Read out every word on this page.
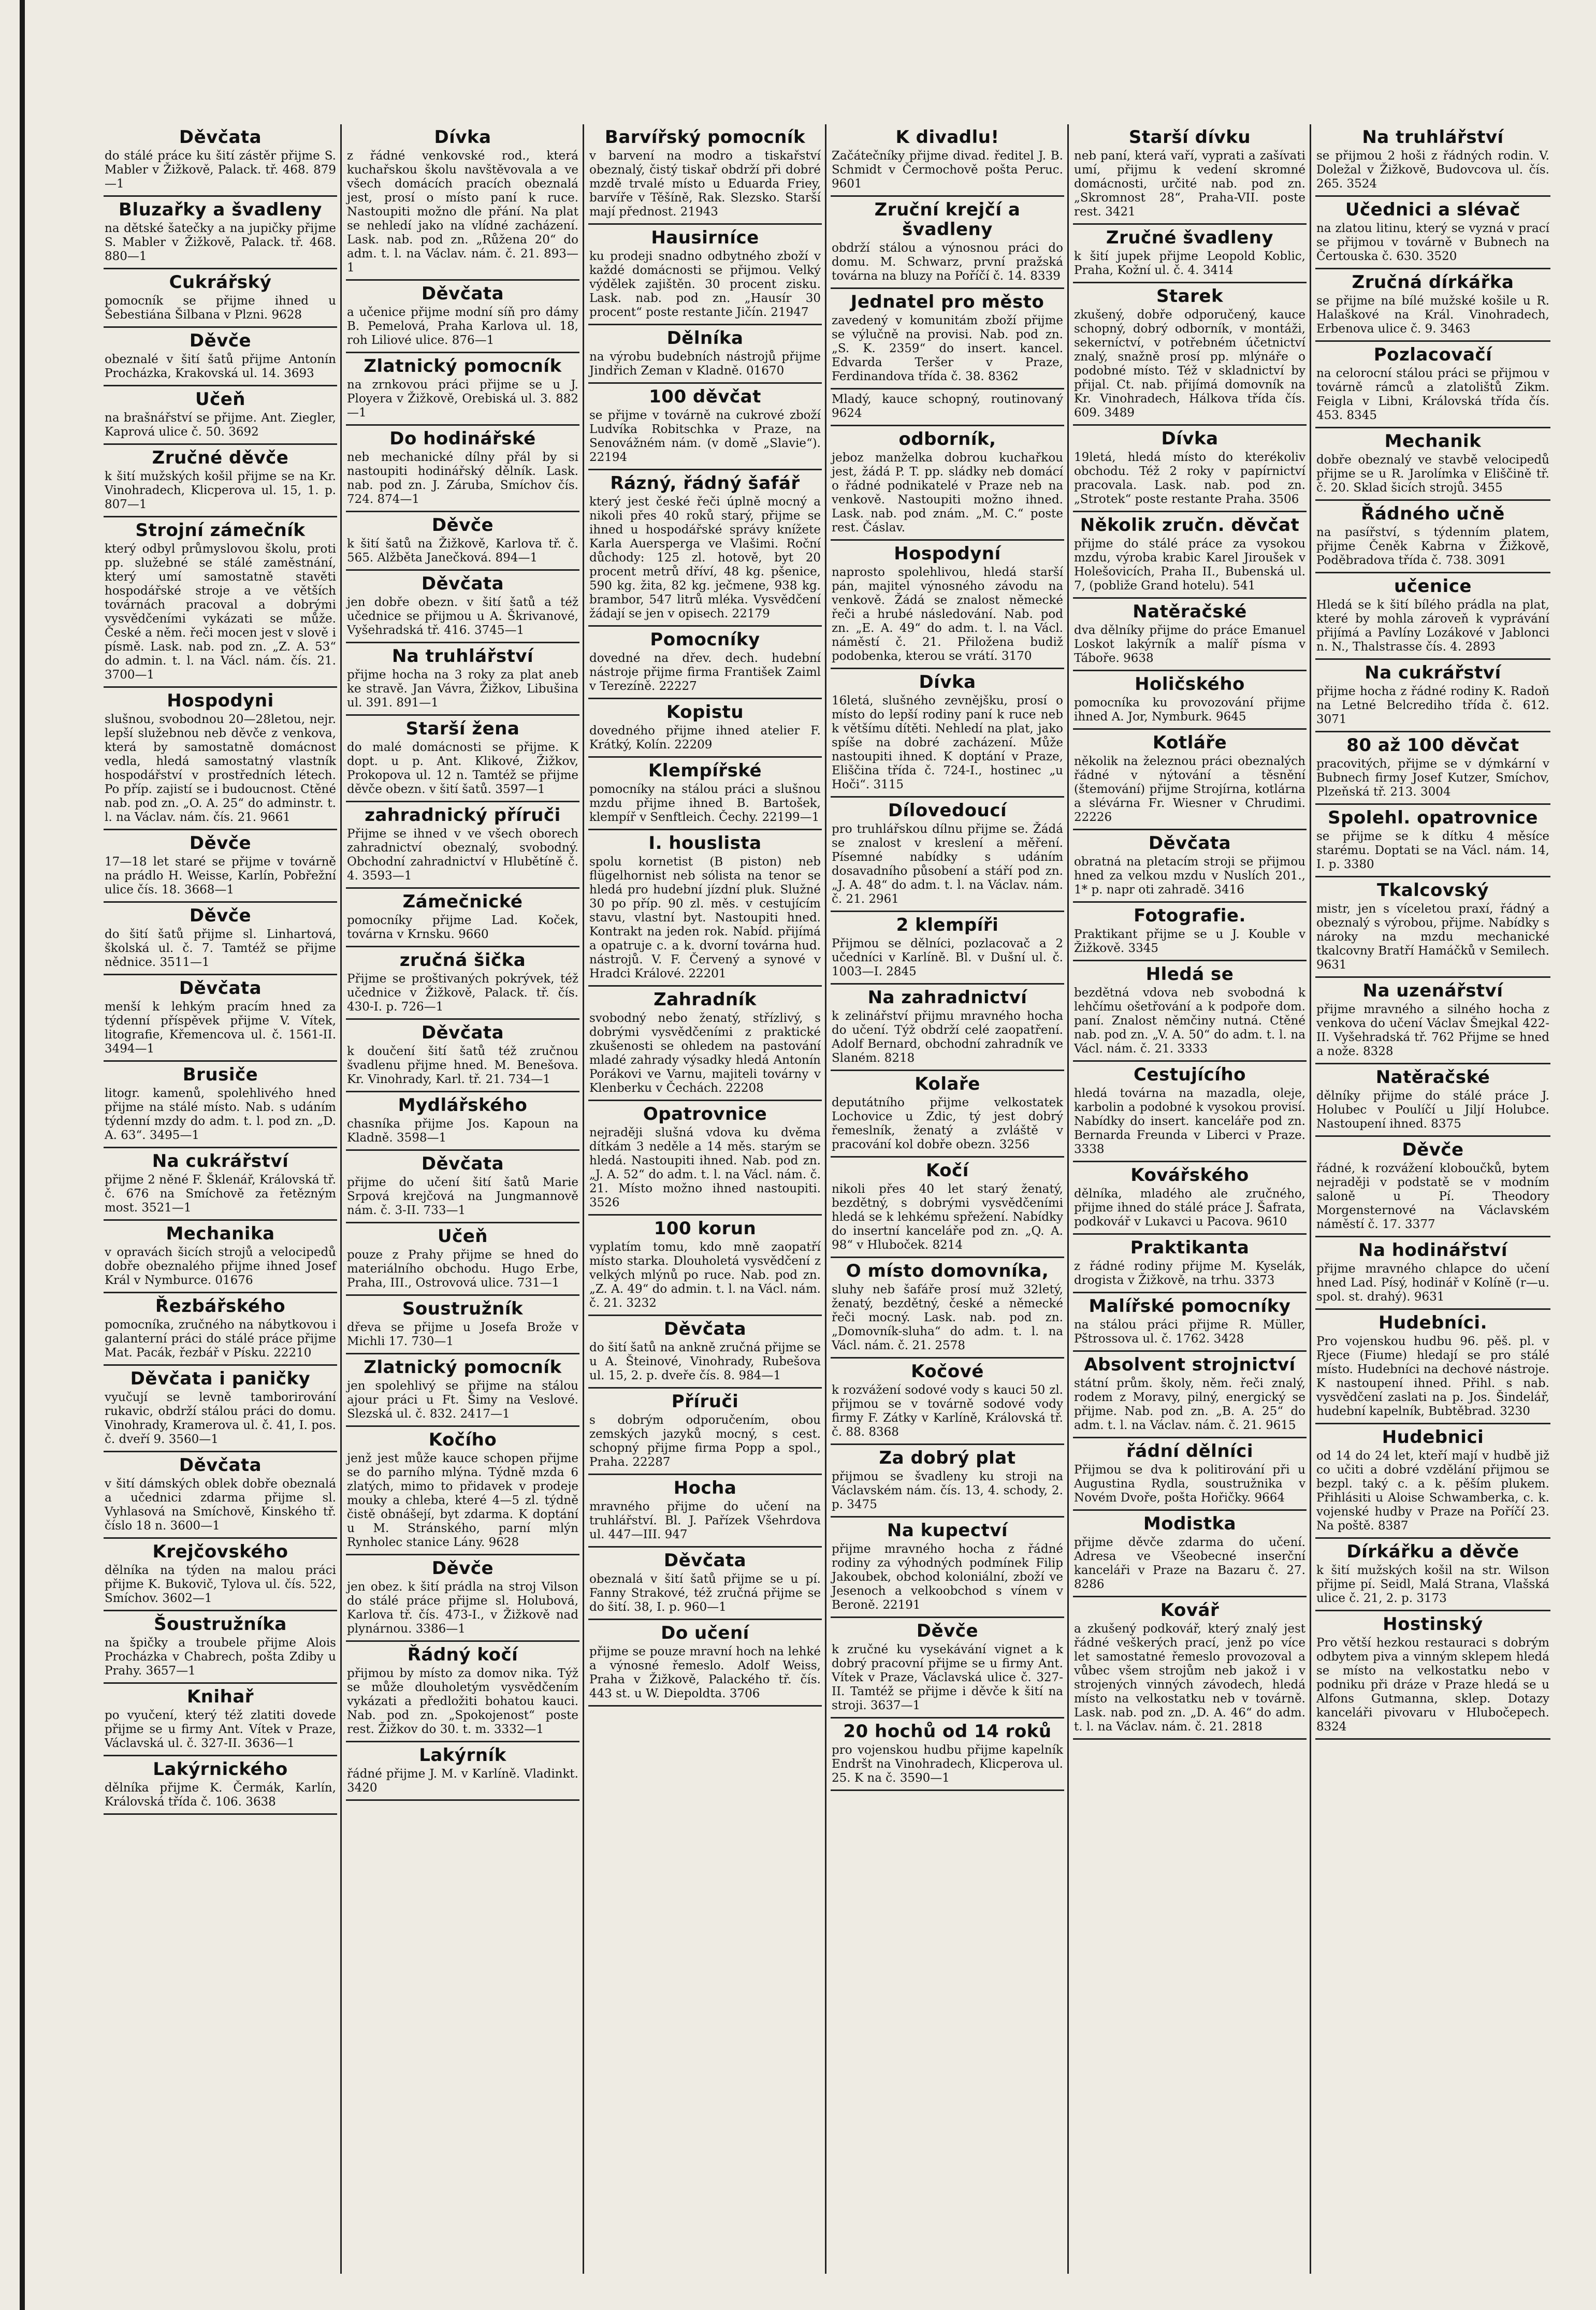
Děvčata

do stálé práce ku šití zástěr přijme S. Mabler v Žižkově, Palack. tř. 468. 879—1

Bluzařky a švadleny

na dětské šatečky a na jupičky přijme S. Mabler v Žižkově, Palack. tř. 468. 880—1

Cukrářský

pomocník se přijme ihned u Šebestiána Šilbana v Plzni. 9628

Děvče

obeznalé v šití šatů přijme Antonín Procházka, Krakovská ul. 14. 3693

Učeň

na brašnářství se přijme. Ant. Ziegler, Kaprová ulice č. 50. 3692

Zručné děvče

k šití mužských košil přijme se na Kr. Vinohradech, Klicperova ul. 15, 1. p. 807—1

Strojní zámečník

který odbyl průmyslovou školu, proti pp. služebné se stálé zaměstnání, který umí samostatně stavěti hospodářské stroje a ve větších továrnách pracoval a dobrými vysvědčeními vykázati se může. České a něm. řeči mocen jest v slově i písmě. Lask. nab. pod zn. „Z. A. 53“ do admin. t. l. na Václ. nám. čís. 21. 3700—1

Hospodyni

slušnou, svobodnou 20—28letou, nejr. lepší služebnou neb děvče z venkova, která by samostatně domácnost vedla, hledá samostatný vlastník hospodářství v prostředních létech. Po příp. zajistí se i budoucnost. Ctěné nab. pod zn. „O. A. 25“ do adminstr. t. l. na Václav. nám. čís. 21. 9661

Děvče

17—18 let staré se přijme v továrně na prádlo H. Weisse, Karlín, Pobřežní ulice čís. 18. 3668—1

Děvče

do šití šatů přijme sl. Linhartová, školská ul. č. 7. Tamtéž se přijme nědnice. 3511—1

Děvčata

menší k lehkým pracím hned za týdenní příspěvek přijme V. Vítek, litografie, Křemencova ul. č. 1561-II. 3494—1

Brusiče

litogr. kamenů, spolehlivého hned přijme na stálé místo. Nab. s udáním týdenní mzdy do adm. t. l. pod zn. „D. A. 63“. 3495—1

Na cukrářství

přijme 2 něné F. Šklenář, Královská tř. č. 676 na Smíchově za řetězným most. 3521—1

Mechanika

v opravách šicích strojů a velocipedů dobře obeznalého přijme ihned Josef Král v Nymburce. 01676

Řezbářského

pomocníka, zručného na nábytkovou i galanterní práci do stálé práce přijme Mat. Pacák, řezbář v Písku. 22210

Děvčata i paničky

vyučují se levně tamborirování rukavic, obdrží stálou práci do domu. Vinohrady, Kramerova ul. č. 41, I. pos. č. dveří 9. 3560—1

Děvčata

v šití dámských oblek dobře obeznalá a učednici zdarma přijme sl. Vyhlasová na Smíchově, Kinského tř. číslo 18 n. 3600—1

Krejčovského

dělníka na týden na malou práci přijme K. Bukovič, Tylova ul. čís. 522, Smíchov. 3602—1

Šoustružníka

na špičky a troubele přijme Alois Procházka v Chabrech, pošta Zdiby u Prahy. 3657—1

Knihař

po vyučení, který též zlatiti dovede přijme se u firmy Ant. Vítek v Praze, Václavská ul. č. 327-II. 3636—1

Lakýrnického

dělníka přijme K. Čermák, Karlín, Královská třída č. 106. 3638

Dívka

z řádné venkovské rod., která kuchařskou školu navštěvovala a ve všech domácích pracích obeznalá jest, prosí o místo paní k ruce. Nastoupiti možno dle přání. Na plat se nehledí jako na vlídné zacházení. Lask. nab. pod zn. „Růžena 20“ do adm. t. l. na Václav. nám. č. 21. 893—1

Děvčata

a učenice přijme modní síň pro dámy B. Pemelová, Praha Karlova ul. 18, roh Liliové ulice. 876—1

Zlatnický pomocník

na zrnkovou práci přijme se u J. Ployera v Žižkově, Orebiská ul. 3. 882—1

Do hodinářské

neb mechanické dílny přál by si nastoupiti hodinářský dělník. Lask. nab. pod zn. J. Záruba, Smíchov čís. 724. 874—1

Děvče

k šití šatů na Žižkově, Karlova tř. č. 565. Alžběta Janečková. 894—1

Děvčata

jen dobře obezn. v šití šatů a též učednice se přijmou u A. Škrivanové, Vyšehradská tř. 416. 3745—1

Na truhlářství

přijme hocha na 3 roky za plat aneb ke stravě. Jan Vávra, Žižkov, Libušina ul. 391. 891—1

Starší žena

do malé domácnosti se přijme. K dopt. u p. Ant. Klikové, Žižkov, Prokopova ul. 12 n. Tamtéž se přijme děvče obezn. v šití šatů. 3597—1

zahradnický příruči

Přijme se ihned v ve všech oborech zahradnictví obeznalý, svobodný. Obchodní zahradnictví v Hlubětíně č. 4. 3593—1

Zámečnické

pomocníky přijme Lad. Koček, továrna v Krnsku. 9660

zručná šička

Přijme se proštivaných pokrývek, též učednice v Žižkově, Palack. tř. čís. 430-I. p. 726—1

Děvčata

k doučení šití šatů též zručnou švadlenu přijme hned. M. Benešova. Kr. Vinohrady, Karl. tř. 21. 734—1

Mydlářského

chasníka přijme Jos. Kapoun na Kladně. 3598—1

Děvčata

přijme do učení šití šatů Marie Srpová krejčová na Jungmannově nám. č. 3-II. 733—1

Učeň

pouze z Prahy přijme se hned do materiálního obchodu. Hugo Erbe, Praha, III., Ostrovová ulice. 731—1

Soustružník

dřeva se přijme u Josefa Brože v Michli 17. 730—1

Zlatnický pomocník

jen spolehlivý se přijme na stálou ajour práci u Ft. Šimy na Veslové. Slezská ul. č. 832. 2417—1

Kočího

jenž jest může kauce schopen přijme se do parního mlýna. Týdně mzda 6 zlatých, mimo to přidavek v prodeje mouky a chleba, které 4—5 zl. týdně čistě obnášejí, byt zdarma. K doptání u M. Stránského, parní mlýn Rynholec stanice Lány. 9628

Děvče

jen obez. k šití prádla na stroj Vilson do stálé práce přijme sl. Holubová, Karlova tř. čís. 473-I., v Žižkově nad plynárnou. 3386—1

Řádný kočí

přijmou by místo za domov nika. Týž se může dlouholetým vysvědčením vykázati a předložiti bohatou kauci. Nab. pod zn. „Spokojenost“ poste rest. Žižkov do 30. t. m. 3332—1

Lakýrník

řádné přijme J. M. v Karlíně. Vladinkt. 3420

Barvířský pomocník

v barvení na modro a tiskařství obeznalý, čistý tiskař obdrží při dobré mzdě trvalé místo u Eduarda Friey, barvíře v Těšíně, Rak. Slezsko. Starší mají přednost. 21943

Hausirníce

ku prodeji snadno odbytného zboží v každé domácnosti se přijmou. Velký výdělek zajištěn. 30 procent zisku. Lask. nab. pod zn. „Hausír 30 procent“ poste restante Jičín. 21947

Dělníka

na výrobu budebních nástrojů přijme Jindřich Zeman v Kladně. 01670

100 děvčat

se přijme v továrně na cukrové zboží Ludvíka Robitschka v Praze, na Senovážném nám. (v domě „Slavie“). 22194

Rázný, řádný šafář

který jest české řeči úplně mocný a nikoli přes 40 roků starý, přijme se ihned u hospodářské správy knížete Karla Auersperga ve Vlašimi. Roční důchody: 125 zl. hotově, byt 20 procent metrů dříví, 48 kg. pšenice, 590 kg. žita, 82 kg. ječmene, 938 kg. brambor, 547 litrů mléka. Vysvědčení žádají se jen v opisech. 22179

Pomocníky

dovedné na dřev. dech. hudební nástroje přijme firma František Zaiml v Terezíně. 22227

Kopistu

dovedného přijme ihned atelier F. Krátký, Kolín. 22209

Klempířské

pomocníky na stálou práci a slušnou mzdu přijme ihned B. Bartošek, klempíř v Senftleich. Čechy. 22199—1

I. houslista

spolu kornetist (B piston) neb flügelhornist neb sólista na tenor se hledá pro hudební jízdní pluk. Služné 30 po příp. 90 zl. měs. v cestujícím stavu, vlastní byt. Nastoupiti hned. Kontrakt na jeden rok. Nabíd. přijímá a opatruje c. a k. dvorní továrna hud. nástrojů. V. F. Červený a synové v Hradci Králové. 22201

Zahradník

svobodný nebo ženatý, střízlivý, s dobrými vysvědčeními z praktické zkušenosti se ohledem na pastování mladé zahrady výsadky hledá Antonín Porákovi ve Varnu, majiteli továrny v Klenberku v Čechách. 22208

Opatrovnice

nejraději slušná vdova ku dvěma dítkám 3 neděle a 14 měs. starým se hledá. Nastoupiti ihned. Nab. pod zn. „J. A. 52“ do adm. t. l. na Václ. nám. č. 21. Místo možno ihned nastoupiti. 3526

100 korun

vyplatím tomu, kdo mně zaopatří místo starka. Dlouholetá vysvědčení z velkých mlýnů po ruce. Nab. pod zn. „Z. A. 49“ do admin. t. l. na Václ. nám. č. 21. 3232

Děvčata

do šití šatů na ankně zručná přijme se u A. Šteinové, Vinohrady, Rubešova ul. 15, 2. p. dveře čís. 8. 984—1

Příruči

s dobrým odporučením, obou zemských jazyků mocný, s cest. schopný přijme firma Popp a spol., Praha. 22287

Hocha

mravného přijme do učení na truhlářství. Bl. J. Pařízek Všehrdova ul. 447—III. 947

Děvčata

obeznalá v šití šatů přijme se u pí. Fanny Strakové, též zručná přijme se do šití. 38, I. p. 960—1

Do učení

přijme se pouze mravní hoch na lehké a výnosné řemeslo. Adolf Weiss, Praha v Žižkově, Palackého tř. čís. 443 st. u W. Diepoldta. 3706

K divadlu!

Začátečníky přijme divad. ředitel J. B. Schmidt v Čermochově pošta Peruc. 9601

Zruční krejčí a švadleny

obdrží stálou a výnosnou práci do domu. M. Schwarz, první pražská továrna na bluzy na Poříčí č. 14. 8339

Jednatel pro město

zavedený v komunitám zboží přijme se výlučně na provisi. Nab. pod zn. „S. K. 2359“ do insert. kancel. Edvarda Teršer v Praze, Ferdinandova třída č. 38. 8362

Mladý, kauce schopný, routinovaný 9624

odborník,

jeboz manželka dobrou kuchařkou jest, žádá P. T. pp. sládky neb domácí o řádné podnikatelé v Praze neb na venkově. Nastoupiti možno ihned. Lask. nab. pod znám. „M. C.“ poste rest. Čáslav.

Hospodyní

naprosto spolehlivou, hledá starší pán, majitel výnosného závodu na venkově. Žádá se znalost německé řeči a hrubé následování. Nab. pod zn. „E. A. 49“ do adm. t. l. na Václ. náměstí č. 21. Přiložena budiž podobenka, kterou se vrátí. 3170

Dívka

16letá, slušného zevnějšku, prosí o místo do lepší rodiny paní k ruce neb k většímu dítěti. Nehledí na plat, jako spíše na dobré zacházení. Může nastoupiti ihned. K doptání v Praze, Eliščina třída č. 724-I., hostinec „u Hoči“. 3115

Dílovedoucí

pro truhlářskou dílnu přijme se. Žádá se znalost v kreslení a měření. Písemné nabídky s udáním dosavadního působení a stáří pod zn. „J. A. 48“ do adm. t. l. na Václav. nám. č. 21. 2961

2 klempíři

Přijmou se dělníci, pozlacovač a 2 učedníci v Karlíně. Bl. v Dušní ul. č. 1003—I. 2845

Na zahradnictví

k zelinářství přijmu mravného hocha do učení. Týž obdrží celé zaopatření. Adolf Bernard, obchodní zahradník ve Slaném. 8218

Kolaře

deputátního přijme velkostatek Lochovice u Zdic, tý jest dobrý řemeslník, ženatý a zvláště v pracování kol dobře obezn. 3256

Kočí

nikoli přes 40 let starý ženatý, bezdětný, s dobrými vysvědčeními hledá se k lehkému spřežení. Nabídky do insertní kanceláře pod zn. „Q. A. 98“ v Hluboček. 8214

O místo domovníka,

sluhy neb šafáře prosí muž 32letý, ženatý, bezdětný, české a německé řeči mocný. Lask. nab. pod zn. „Domovník-sluha“ do adm. t. l. na Václ. nám. č. 21. 2578

Kočové

k rozvážení sodové vody s kauci 50 zl. přijmou se v továrně sodové vody firmy F. Zátky v Karlíně, Královská tř. č. 88. 8368

Za dobrý plat

přijmou se švadleny ku stroji na Václavském nám. čís. 13, 4. schody, 2. p. 3475

Na kupectví

přijme mravného hocha z řádné rodiny za výhodných podmínek Filip Jakoubek, obchod koloniální, zboží ve Jesenoch a velkoobchod s vínem v Beroně. 22191

Děvče

k zručné ku vysekávání vignet a k dobrý pracovní přijme se u firmy Ant. Vítek v Praze, Václavská ulice č. 327-II. Tamtéž se přijme i děvče k šití na stroji. 3637—1

20 hochů od 14 roků

pro vojenskou hudbu přijme kapelník Endršt na Vinohradech, Klicperova ul. 25. K na č. 3590—1

Starší dívku

neb paní, která vaří, vyprati a zašívati umí, přijmu k vedení skromné domácnosti, určité nab. pod zn. „Skromnost 28“, Praha-VII. poste rest. 3421

Zručné švadleny

k šití jupek přijme Leopold Koblic, Praha, Kožní ul. č. 4. 3414

Starek

zkušený, dobře odporučený, kauce schopný, dobrý odborník, v montáži, sekerníctví, v potřebném účetnictví znalý, snažně prosí pp. mlýnáře o podobné místo. Též v skladnictví by přijal. Ct. nab. přijímá domovník na Kr. Vinohradech, Hálkova třída čís. 609. 3489

Dívka

19letá, hledá místo do kterékoliv obchodu. Též 2 roky v papírnictví pracovala. Lask. nab. pod zn. „Strotek“ poste restante Praha. 3506

Několik zručn. děvčat

přijme do stálé práce za vysokou mzdu, výroba krabic Karel Jiroušek v Holešovicích, Praha II., Bubenská ul. 7, (pobliže Grand hotelu). 541

Natěračské

dva dělníky přijme do práce Emanuel Loskot lakýrník a malíř písma v Táboře. 9638

Holičského

pomocníka ku provozování přijme ihned A. Jor, Nymburk. 9645

Kotláře

několik na železnou práci obeznalých řádné v nýtování a těsnění (štemování) přijme Strojírna, kotlárna a slévárna Fr. Wiesner v Chrudimi. 22226

Děvčata

obratná na pletacím stroji se přijmou hned za velkou mzdu v Nuslích 201., 1* p. napr oti zahradě. 3416

Fotografie.

Praktikant přijme se u J. Kouble v Žižkově. 3345

Hledá se

bezdětná vdova neb svobodná k lehčímu ošetřování a k podpoře dom. paní. Znalost němčiny nutná. Ctěné nab. pod zn. „V. A. 50“ do adm. t. l. na Václ. nám. č. 21. 3333

Cestujícího

hledá továrna na mazadla, oleje, karbolin a podobné k vysokou provisí. Nabídky do insert. kanceláře pod zn. Bernarda Freunda v Liberci v Praze. 3338

Kovářského

dělníka, mladého ale zručného, přijme ihned do stálé práce J. Šafrata, podkovář v Lukavci u Pacova. 9610

Praktikanta

z řádné rodiny přijme M. Kyselák, drogista v Žižkově, na trhu. 3373

Malířské pomocníky

na stálou práci přijme R. Müller, Pštrossova ul. č. 1762. 3428

Absolvent strojnictví

státní prům. školy, něm. řeči znalý, rodem z Moravy, pilný, energický se přijme. Nab. pod zn. „B. A. 25“ do adm. t. l. na Václav. nám. č. 21. 9615

řádní dělníci

Přijmou se dva k politirování při u Augustina Rydla, soustružnika v Novém Dvoře, pošta Hořičky. 9664

Modistka

přijme děvče zdarma do učení. Adresa ve Všeobecné inserční kanceláři v Praze na Bazaru č. 27. 8286

Kovář

a zkušený podkovář, který znalý jest řádné veškerých prací, jenž po více let samostatné řemeslo provozoval a vůbec všem strojům neb jakož i v strojených vinných závodech, hledá místo na velkostatku neb v továrně. Lask. nab. pod zn. „D. A. 46“ do adm. t. l. na Václav. nám. č. 21. 2818

Na truhlářství

se přijmou 2 hoši z řádných rodin. V. Doležal v Žižkově, Budovcova ul. čís. 265. 3524

Učednici a slévač

na zlatou litinu, který se vyzná v prací se přijmou v továrně v Bubnech na Čertouska č. 630. 3520

Zručná dírkářka

se přijme na bílé mužské košile u R. Halaškové na Král. Vinohradech, Erbenova ulice č. 9. 3463

Pozlacovačí

na celorocní stálou práci se přijmou v továrně rámců a zlatolištů Zikm. Feigla v Libni, Královská třída čís. 453. 8345

Mechanik

dobře obeznalý ve stavbě velocipedů přijme se u R. Jarolímka v Eliščině tř. č. 20. Sklad šicích strojů. 3455

Řádného učně

na pasířství, s týdenním platem, přijme Čeněk Kabrna v Žižkově, Poděbradova třída č. 738. 3091

učenice

Hledá se k šití bílého prádla na plat, které by mohla zároveň k vyprávání přijímá a Pavlíny Lozákové v Jablonci n. N., Thalstrasse čís. 4. 2893

Na cukrářství

přijme hocha z řádné rodiny K. Radoň na Letné Belcrediho třída č. 612. 3071

80 až 100 děvčat

pracovitých, přijme se v dýmkární v Bubnech firmy Josef Kutzer, Smíchov, Plzeňská tř. 213. 3004

Spolehl. opatrovnice

se přijme se k dítku 4 měsíce starému. Doptati se na Václ. nám. 14, I. p. 3380

Tkalcovský

mistr, jen s víceletou praxí, řádný a obeznalý s výrobou, přijme. Nabídky s nároky na mzdu mechanické tkalcovny Bratří Hamáčků v Semilech. 9631

Na uzenářství

přijme mravného a silného hocha z venkova do učení Václav Šmejkal 422-II. Vyšehradská tř. 762 Přijme se hned a nože. 8328

Natěračské

dělníky přijme do stálé práce J. Holubec v Poulíčí u Jiljí Holubce. Nastoupení ihned. 8375

Děvče

řádné, k rozvážení kloboučků, bytem nejraději v podstatě se v modním saloně u Pí. Theodory Morgensternové na Václavském náměstí č. 17. 3377

Na hodinářství

přijme mravného chlapce do učení hned Lad. Písý, hodinář v Kolíně (r—u. spol. st. drahý). 9631

Hudebníci.

Pro vojenskou hudbu 96. pěš. pl. v Rjece (Fiume) hledají se pro stálé místo. Hudebníci na dechové nástroje. K nastoupení ihned. Přihl. s nab. vysvědčení zaslati na p. Jos. Šindelář, hudební kapelník, Bubtěbrad. 3230

Hudebnici

od 14 do 24 let, kteří mají v hudbě již co učiti a dobré vzdělání přijmou se bezpl. taký c. a k. pěším plukem. Přihlásiti u Aloise Schwamberka, c. k. vojenské hudby v Praze na Poříčí 23. Na poště. 8387

Dírkářku a děvče

k šití mužských košil na str. Wilson přijme pí. Seidl, Malá Strana, Vlašská ulice č. 21, 2. p. 3173

Hostinský

Pro větší hezkou restauraci s dobrým odbytem piva a vinným sklepem hledá se místo na velkostatku nebo v podniku při dráze v Praze hledá se u Alfons Gutmanna, sklep. Dotazy kanceláři pivovaru v Hlubočepech. 8324
